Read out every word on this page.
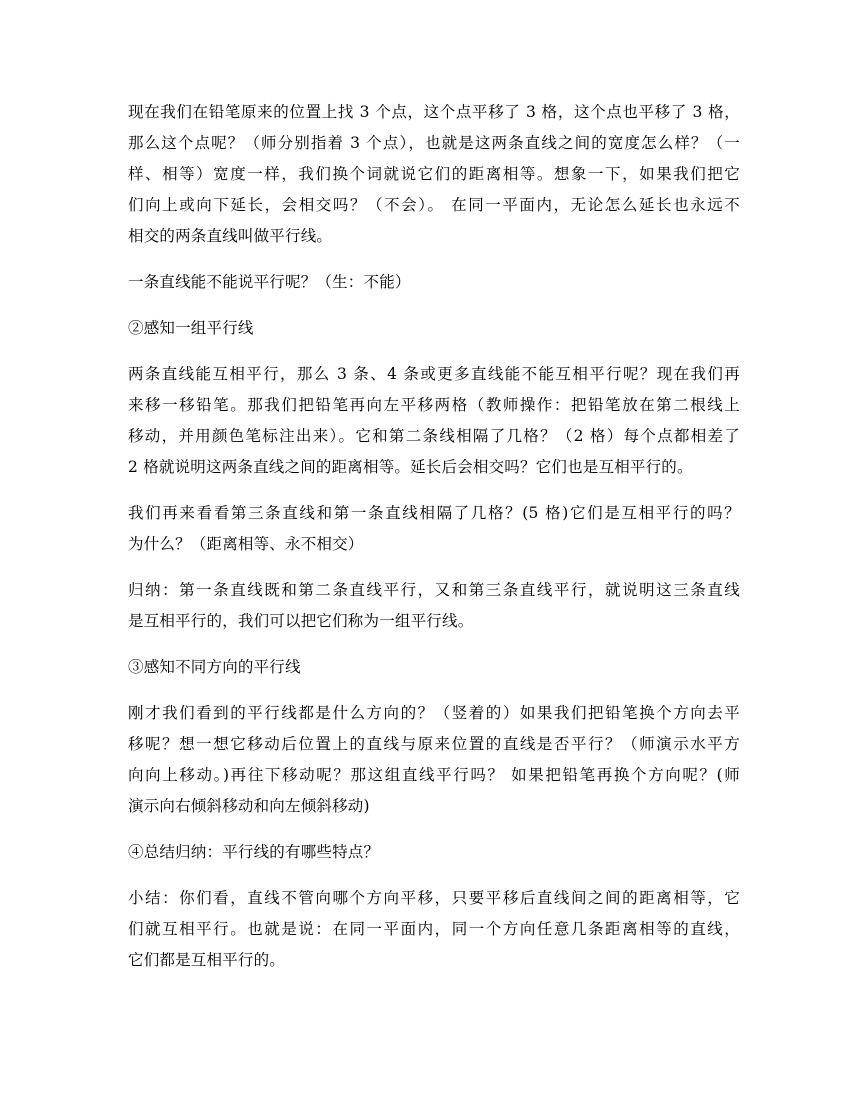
现在我们在铅笔原来的位置上找 3 个点，这个点平移了 3 格，这个点也平移了 3 格，
那么这个点呢？（师分别指着 3 个点），也就是这两条直线之间的宽度怎么样？（一
样、相等）宽度一样，我们换个词就说它们的距离相等。想象一下，如果我们把它
们向上或向下延长，会相交吗？（不会）。 在同一平面内，无论怎么延长也永远不
相交的两条直线叫做平行线。

一条直线能不能说平行呢？（生：不能）

②感知一组平行线

两条直线能互相平行，那么 3 条、4 条或更多直线能不能互相平行呢？现在我们再
来移一移铅笔。那我们把铅笔再向左平移两格（教师操作：把铅笔放在第二根线上
移动，并用颜色笔标注出来）。它和第二条线相隔了几格？（2 格）每个点都相差了
2 格就说明这两条直线之间的距离相等。延长后会相交吗？它们也是互相平行的。

我们再来看看第三条直线和第一条直线相隔了几格？(5 格)它们是互相平行的吗？
为什么？（距离相等、永不相交）

归纳：第一条直线既和第二条直线平行，又和第三条直线平行，就说明这三条直线
是互相平行的，我们可以把它们称为一组平行线。

③感知不同方向的平行线

刚才我们看到的平行线都是什么方向的？（竖着的）如果我们把铅笔换个方向去平
移呢？想一想它移动后位置上的直线与原来位置的直线是否平行？（师演示水平方
向向上移动。)再往下移动呢？那这组直线平行吗？ 如果把铅笔再换个方向呢？(师
演示向右倾斜移动和向左倾斜移动)

④总结归纳：平行线的有哪些特点？

小结：你们看，直线不管向哪个方向平移，只要平移后直线间之间的距离相等，它
们就互相平行。也就是说：在同一平面内，同一个方向任意几条距离相等的直线，
它们都是互相平行的。
